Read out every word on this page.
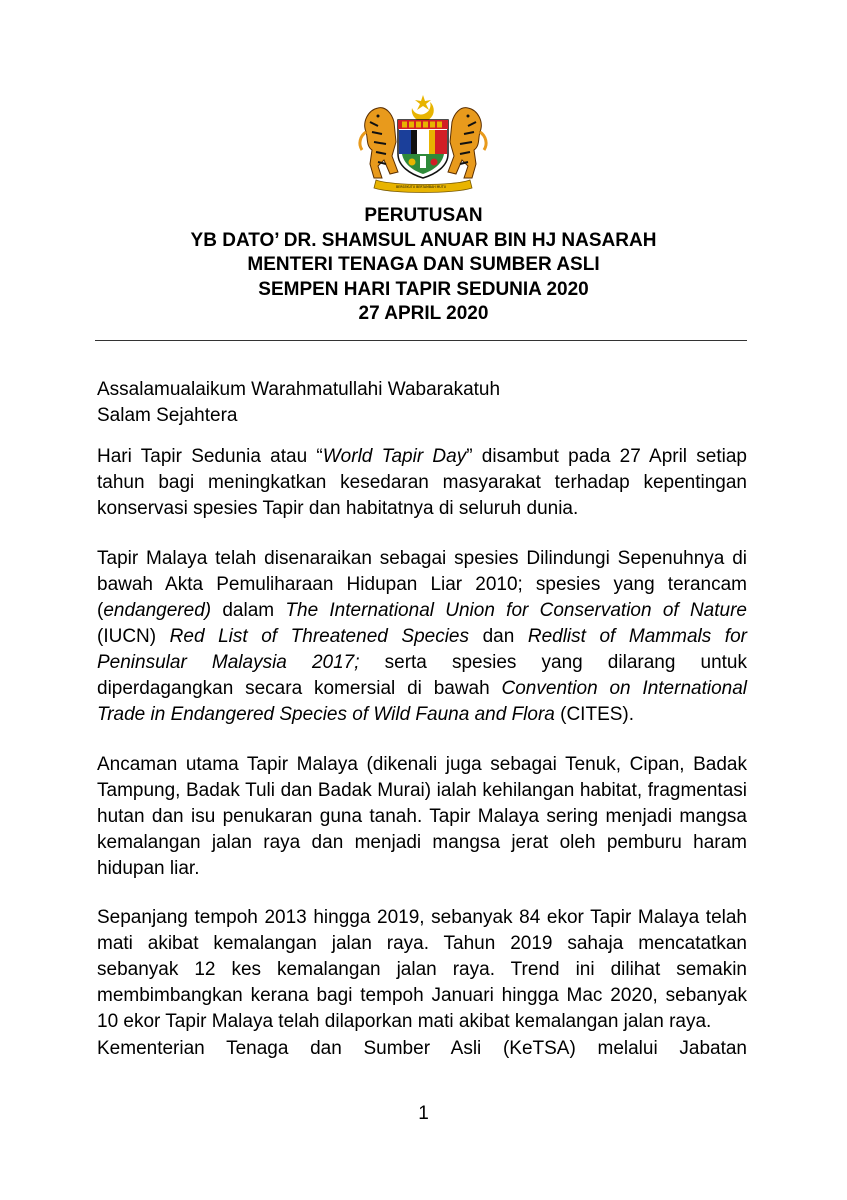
BERSEKUTU BERTAMBAH MUTU
PERUTUSAN
YB DATO’ DR. SHAMSUL ANUAR BIN HJ NASARAH
MENTERI TENAGA DAN SUMBER ASLI
SEMPEN HARI TAPIR SEDUNIA 2020
27 APRIL 2020
Assalamualaikum Warahmatullahi Wabarakatuh
Salam Sejahtera
Hari Tapir Sedunia atau “World Tapir Day” disambut pada 27 April setiap tahun bagi meningkatkan kesedaran masyarakat terhadap kepentingan konservasi spesies Tapir dan habitatnya di seluruh dunia.
Tapir Malaya telah disenaraikan sebagai spesies Dilindungi Sepenuhnya di bawah Akta Pemuliharaan Hidupan Liar 2010; spesies yang terancam (endangered) dalam The International Union for Conservation of Nature (IUCN) Red List of Threatened Species dan Redlist of Mammals for Peninsular Malaysia 2017; serta spesies yang dilarang untuk diperdagangkan secara komersial di bawah Convention on International Trade in Endangered Species of Wild Fauna and Flora (CITES).
Ancaman utama Tapir Malaya (dikenali juga sebagai Tenuk, Cipan, Badak Tampung, Badak Tuli dan Badak Murai) ialah kehilangan habitat, fragmentasi hutan dan isu penukaran guna tanah. Tapir Malaya sering menjadi mangsa kemalangan jalan raya dan menjadi mangsa jerat oleh pemburu haram hidupan liar.
Sepanjang tempoh 2013 hingga 2019, sebanyak 84 ekor Tapir Malaya telah mati akibat kemalangan jalan raya. Tahun 2019 sahaja mencatatkan sebanyak 12 kes kemalangan jalan raya. Trend ini dilihat semakin membimbangkan kerana bagi tempoh Januari hingga Mac 2020, sebanyak 10 ekor Tapir Malaya telah dilaporkan mati akibat kemalangan jalan raya.
Kementerian Tenaga dan Sumber Asli (KeTSA) melalui Jabatan
1
